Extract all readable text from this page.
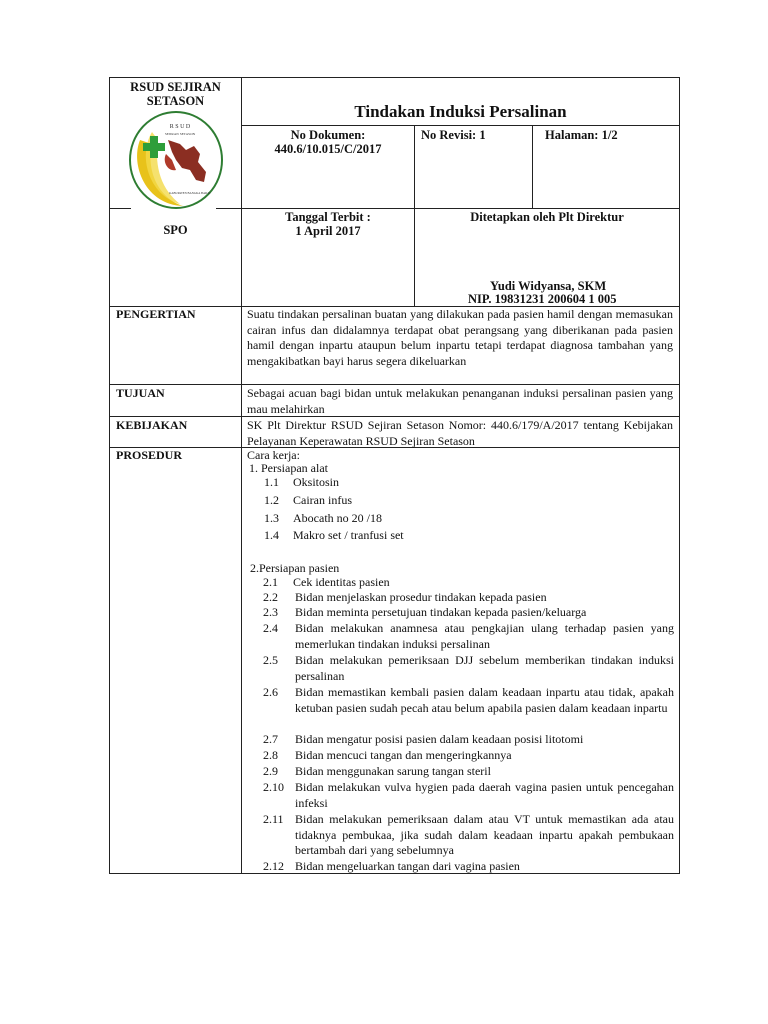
RSUD SEJIRAN
SETASON
R S U D
SEJIRAN SETASON
KABUPATEN BANGKA BARAT
Tindakan Induksi Persalinan
No Dokumen:
440.6/10.015/C/2017
No Revisi: 1	Halaman: 1/2
SPO
Tanggal Terbit :
1 April 2017
Ditetapkan oleh Plt Direktur
Yudi Widyansa, SKM
NIP. 19831231 200604 1 005
PENGERTIAN	Suatu tindakan persalinan buatan yang dilakukan pada pasien hamil dengan memasukan cairan infus dan didalamnya terdapat obat perangsang yang diberikanan pada pasien hamil dengan inpartu ataupun belum inpartu tetapi terdapat diagnosa tambahan yang mengakibatkan bayi harus segera dikeluarkan
TUJUAN	Sebagai acuan bagi bidan untuk melakukan penanganan induksi persalinan pasien yang mau melahirkan
KEBIJAKAN	SK Plt Direktur RSUD Sejiran Setason Nomor: 440.6/179/A/2017 tentang Kebijakan Pelayanan Keperawatan RSUD Sejiran Setason
PROSEDUR	Cara kerja:
1. Persiapan alat
1.1 Oksitosin
1.2 Cairan infus
1.3 Abocath no 20 /18
1.4 Makro set / tranfusi set
2.Persiapan pasien
2.1 Cek identitas pasien
2.2 Bidan menjelaskan prosedur tindakan kepada pasien
2.3 Bidan meminta persetujuan tindakan kepada pasien/keluarga
2.4 Bidan melakukan anamnesa atau pengkajian ulang terhadap pasien yang memerlukan tindakan induksi persalinan
2.5 Bidan melakukan pemeriksaan DJJ sebelum memberikan tindakan induksi persalinan
2.6 Bidan memastikan kembali pasien dalam keadaan inpartu atau tidak, apakah ketuban pasien sudah pecah atau belum apabila pasien dalam keadaan inpartu
2.7 Bidan mengatur posisi pasien dalam keadaan posisi litotomi
2.8 Bidan mencuci tangan dan mengeringkannya
2.9 Bidan menggunakan sarung tangan steril
2.10 Bidan melakukan vulva hygien pada daerah vagina pasien untuk pencegahan infeksi
2.11 Bidan melakukan pemeriksaan dalam atau VT untuk memastikan ada atau tidaknya pembukaa, jika sudah dalam keadaan inpartu apakah pembukaan bertambah dari yang sebelumnya
2.12 Bidan mengeluarkan tangan dari vagina pasien
